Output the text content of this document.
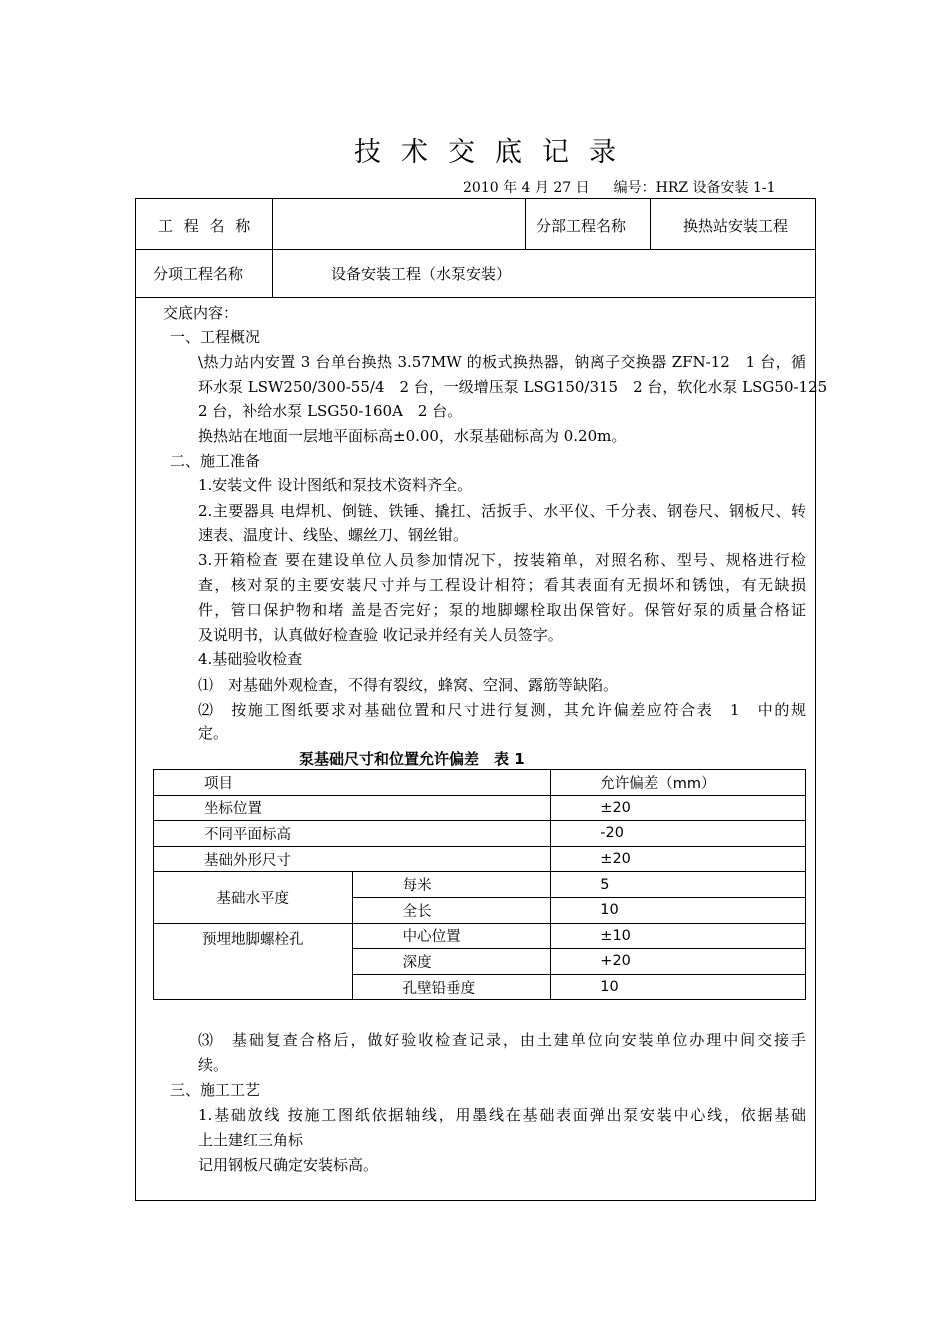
技术交底记录
2010 年 4 月 27 日 编号：HRZ 设备安装 1-1
工 程 名 称	分部工程名称	换热站安装工程
分项工程名称	设备安装工程（水泵安装）
交底内容：
一、工程概况
\热力站内安置 3 台单台换热 3.57MW 的板式换热器，钠离子交换器 ZFN-12　1 台，循
环水泵 LSW250/300-55/4　2 台，一级增压泵 LSG150/315　2 台，软化水泵 LSG50-125
2 台，补给水泵 LSG50-160A　2 台。
换热站在地面一层地平面标高±0.00，水泵基础标高为 0.20m。
二、施工准备
1.安装文件 设计图纸和泵技术资料齐全。
2.主要器具 电焊机、倒链、铁锤、撬扛、活扳手、水平仪、千分表、钢卷尺、钢板尺、转
速表、温度计、线坠、螺丝刀、钢丝钳。
3.开箱检查 要在建设单位人员参加情况下，按装箱单，对照名称、型号、规格进行检
查，核对泵的主要安装尺寸并与工程设计相符；看其表面有无损坏和锈蚀，有无缺损
件，管口保护物和堵 盖是否完好；泵的地脚螺栓取出保管好。保管好泵的质量合格证
及说明书，认真做好检查验 收记录并经有关人员签字。
4.基础验收检查
⑴　对基础外观检查，不得有裂纹，蜂窝、空洞、露筋等缺陷。
⑵　按施工图纸要求对基础位置和尺寸进行复测，其允许偏差应符合表　1　中的规
定。
泵基础尺寸和位置允许偏差　表 1
项目		允许偏差（mm）
坐标位置		±20
不同平面标高		-20
基础外形尺寸		±20
基础水平度	每米	5
	全长	10
预埋地脚螺栓孔	中心位置	±10
	深度	+20
	孔壁铅垂度	10
⑶　基础复查合格后，做好验收检查记录，由土建单位向安装单位办理中间交接手
续。
三、施工工艺
1.基础放线 按施工图纸依据轴线，用墨线在基础表面弹出泵安装中心线，依据基础
上土建红三角标
记用钢板尺确定安装标高。
